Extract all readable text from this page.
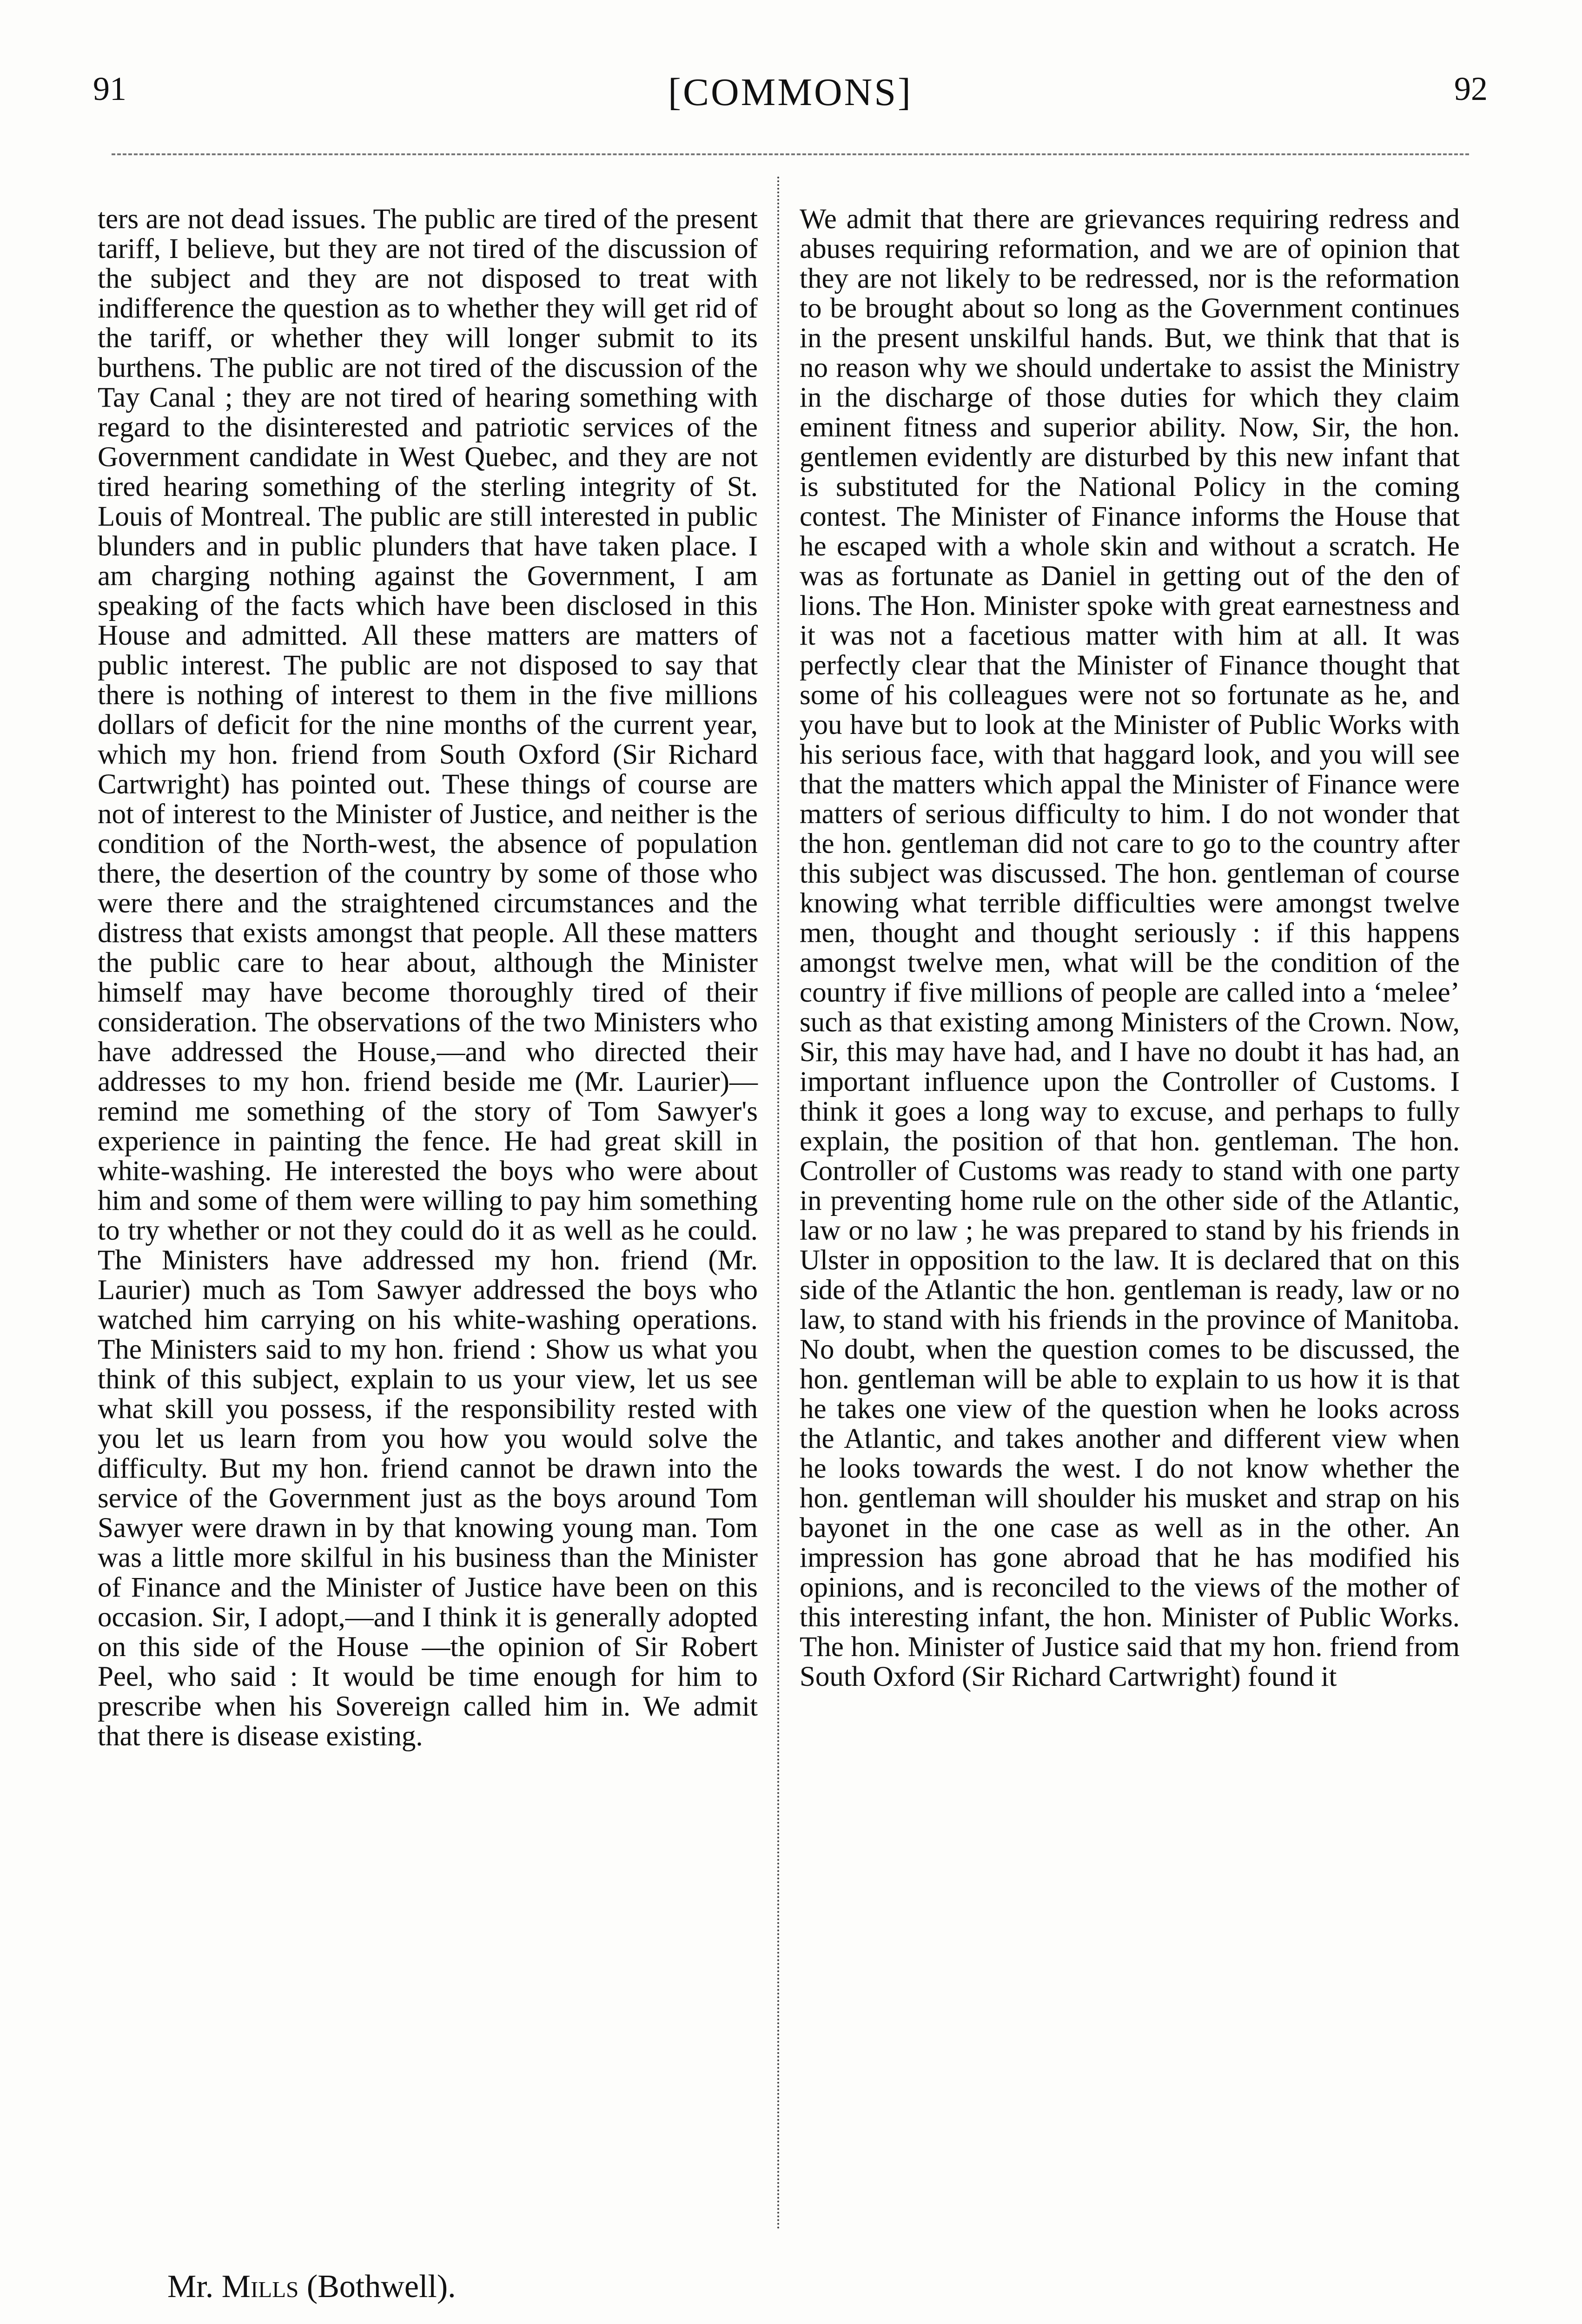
91	[COMMONS]	92

ters are not dead issues. The public are tired of the present tariff, I believe, but they are not tired of the discussion of the subject and they are not disposed to treat with indifference the question as to whether they will get rid of the tariff, or whether they will longer submit to its burthens. The public are not tired of the discussion of the Tay Canal ; they are not tired of hearing something with regard to the disinterested and patriotic services of the Government candidate in West Quebec, and they are not tired hearing something of the sterling integrity of St. Louis of Montreal. The public are still interested in public blunders and in public plunders that have taken place. I am charging nothing against the Government, I am speaking of the facts which have been disclosed in this House and admitted. All these matters are matters of public interest. The public are not disposed to say that there is nothing of interest to them in the five millions dollars of deficit for the nine months of the current year, which my hon. friend from South Oxford (Sir Richard Cartwright) has pointed out. These things of course are not of interest to the Minister of Justice, and neither is the condition of the North-west, the absence of population there, the desertion of the country by some of those who were there and the straightened circumstances and the distress that exists amongst that people. All these matters the public care to hear about, although the Minister himself may have become thoroughly tired of their consideration. The observations of the two Ministers who have addressed the House,—and who directed their addresses to my hon. friend beside me (Mr. Laurier)—remind me something of the story of Tom Sawyer's experience in painting the fence. He had great skill in white-washing. He interested the boys who were about him and some of them were willing to pay him something to try whether or not they could do it as well as he could. The Ministers have addressed my hon. friend (Mr. Laurier) much as Tom Sawyer addressed the boys who watched him carrying on his white-washing operations. The Ministers said to my hon. friend : Show us what you think of this subject, explain to us your view, let us see what skill you possess, if the responsibility rested with you let us learn from you how you would solve the difficulty. But my hon. friend cannot be drawn into the service of the Government just as the boys around Tom Sawyer were drawn in by that knowing young man. Tom was a little more skilful in his business than the Minister of Finance and the Minister of Justice have been on this occasion. Sir, I adopt,—and I think it is generally adopted on this side of the House —the opinion of Sir Robert Peel, who said : It would be time enough for him to prescribe when his Sovereign called him in. We admit that there is disease existing.

We admit that there are grievances requiring redress and abuses requiring reformation, and we are of opinion that they are not likely to be redressed, nor is the reformation to be brought about so long as the Government continues in the present unskilful hands. But, we think that that is no reason why we should undertake to assist the Ministry in the discharge of those duties for which they claim eminent fitness and superior ability. Now, Sir, the hon. gentlemen evidently are disturbed by this new infant that is substituted for the National Policy in the coming contest. The Minister of Finance informs the House that he escaped with a whole skin and without a scratch. He was as fortunate as Daniel in getting out of the den of lions. The Hon. Minister spoke with great earnestness and it was not a facetious matter with him at all. It was perfectly clear that the Minister of Finance thought that some of his colleagues were not so fortunate as he, and you have but to look at the Minister of Public Works with his serious face, with that haggard look, and you will see that the matters which appal the Minister of Finance were matters of serious difficulty to him. I do not wonder that the hon. gentleman did not care to go to the country after this subject was discussed. The hon. gentleman of course knowing what terrible difficulties were amongst twelve men, thought and thought seriously : if this happens amongst twelve men, what will be the condition of the country if five millions of people are called into a ‘melee’ such as that existing among Ministers of the Crown. Now, Sir, this may have had, and I have no doubt it has had, an important influence upon the Controller of Customs. I think it goes a long way to excuse, and perhaps to fully explain, the position of that hon. gentleman. The hon. Controller of Customs was ready to stand with one party in preventing home rule on the other side of the Atlantic, law or no law ; he was prepared to stand by his friends in Ulster in opposition to the law. It is declared that on this side of the Atlantic the hon. gentleman is ready, law or no law, to stand with his friends in the province of Manitoba. No doubt, when the question comes to be discussed, the hon. gentleman will be able to explain to us how it is that he takes one view of the question when he looks across the Atlantic, and takes another and different view when he looks towards the west. I do not know whether the hon. gentleman will shoulder his musket and strap on his bayonet in the one case as well as in the other. An impression has gone abroad that he has modified his opinions, and is reconciled to the views of the mother of this interesting infant, the hon. Minister of Public Works. The hon. Minister of Justice said that my hon. friend from South Oxford (Sir Richard Cartwright) found it

Mr. Mills (Bothwell).
